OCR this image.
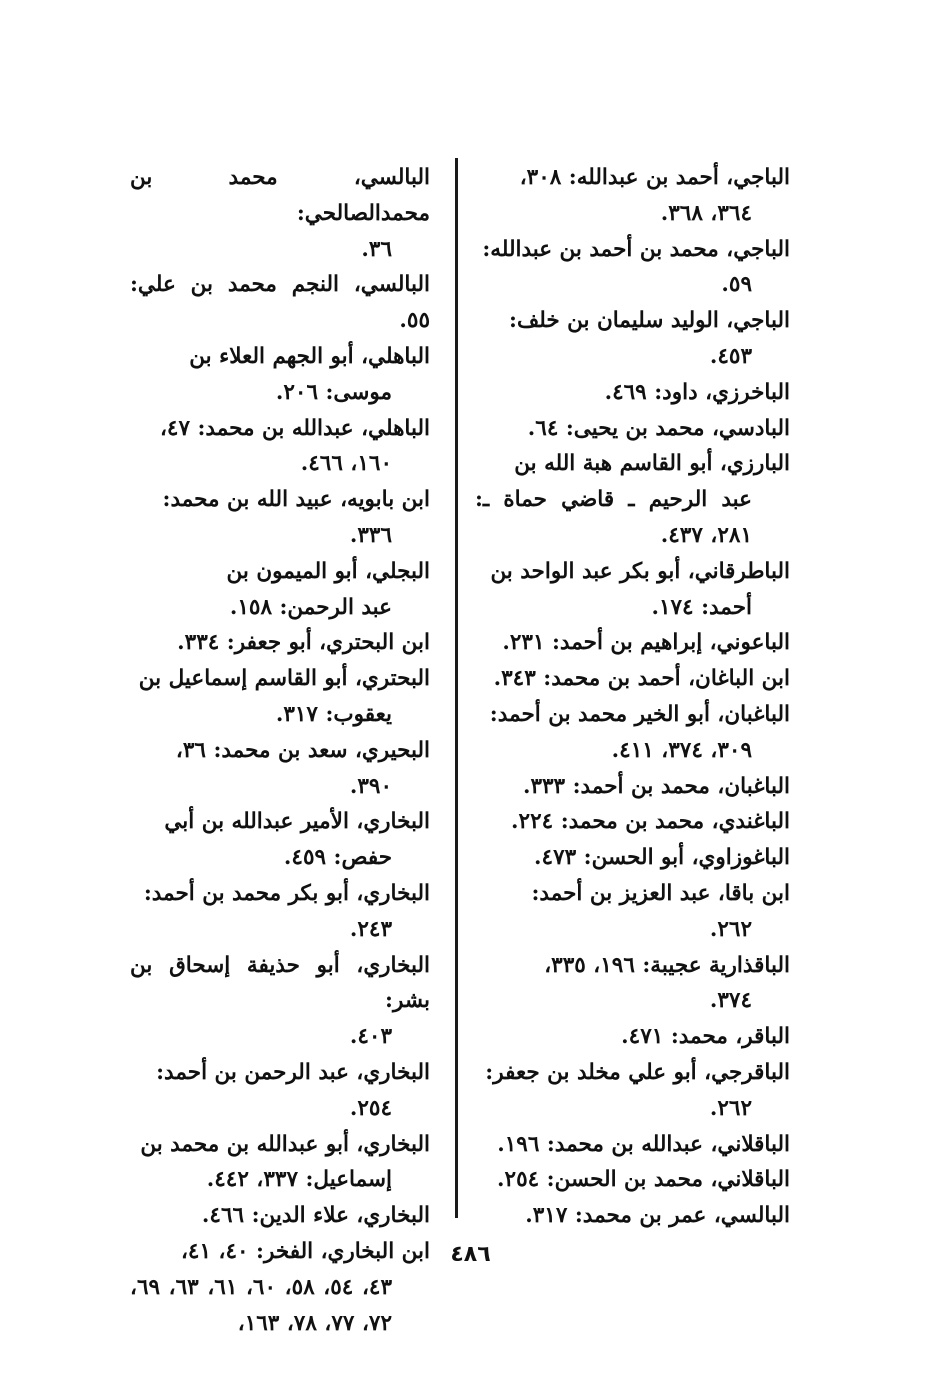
الباجي، أحمد بن عبدالله: ٣٠٨،
٣٦٤، ٣٦٨.
الباجي، محمد بن أحمد بن عبدالله:
٥٩.
الباجي، الوليد سليمان بن خلف:
٤٥٣.
الباخرزي، داود: ٤٦٩.
البادسي، محمد بن يحيى: ٦٤.
البارزي، أبو القاسم هبة الله بن
عبد الرحيم ـ قاضي حماة ـ: ٢٨١، ٤٣٧.
الباطرقاني، أبو بكر عبد الواحد بن
أحمد: ١٧٤.
الباعوني، إبراهيم بن أحمد: ٢٣١.
ابن الباغان، أحمد بن محمد: ٣٤٣.
الباغبان، أبو الخير محمد بن أحمد:
٣٠٩، ٣٧٤، ٤١١.
الباغبان، محمد بن أحمد: ٣٣٣.
الباغندي، محمد بن محمد: ٢٢٤.
الباغوزاوي، أبو الحسن: ٤٧٣.
ابن باقا، عبد العزيز بن أحمد:
٢٦٢.
الباقذارية عجيبة: ١٩٦، ٣٣٥،
٣٧٤.
الباقر، محمد: ٤٧١.
الباقرجي، أبو علي مخلد بن جعفر:
٢٦٢.
الباقلاني، عبدالله بن محمد: ١٩٦.
الباقلاني، محمد بن الحسن: ٢٥٤.
البالسي، عمر بن محمد: ٣١٧.
البالسي، محمد بن محمدالصالحي:
٣٦.
البالسي، النجم محمد بن علي: ٥٥.
الباهلي، أبو الجهم العلاء بن
موسى: ٢٠٦.
الباهلي، عبدالله بن محمد: ٤٧،
١٦٠، ٤٦٦.
ابن بابويه، عبيد الله بن محمد:
٣٣٦.
البجلي، أبو الميمون بن
عبد الرحمن: ١٥٨.
ابن البحتري، أبو جعفر: ٣٣٤.
البحتري، أبو القاسم إسماعيل بن
يعقوب: ٣١٧.
البحيري، سعد بن محمد: ٣٦،
٣٩٠.
البخاري، الأمير عبدالله بن أبي
حفص: ٤٥٩.
البخاري، أبو بكر محمد بن أحمد:
٢٤٣.
البخاري، أبو حذيفة إسحاق بن بشر:
٤٠٣.
البخاري، عبد الرحمن بن أحمد:
٢٥٤.
البخاري، أبو عبدالله بن محمد بن
إسماعيل: ٣٣٧، ٤٤٢.
البخاري، علاء الدين: ٤٦٦.
ابن البخاري، الفخر: ٤٠، ٤١،
٤٣، ٥٤، ٥٨، ٦٠، ٦١، ٦٣، ٦٩، ٧٢، ٧٧، ٧٨، ١٦٣،
٤٨٦
